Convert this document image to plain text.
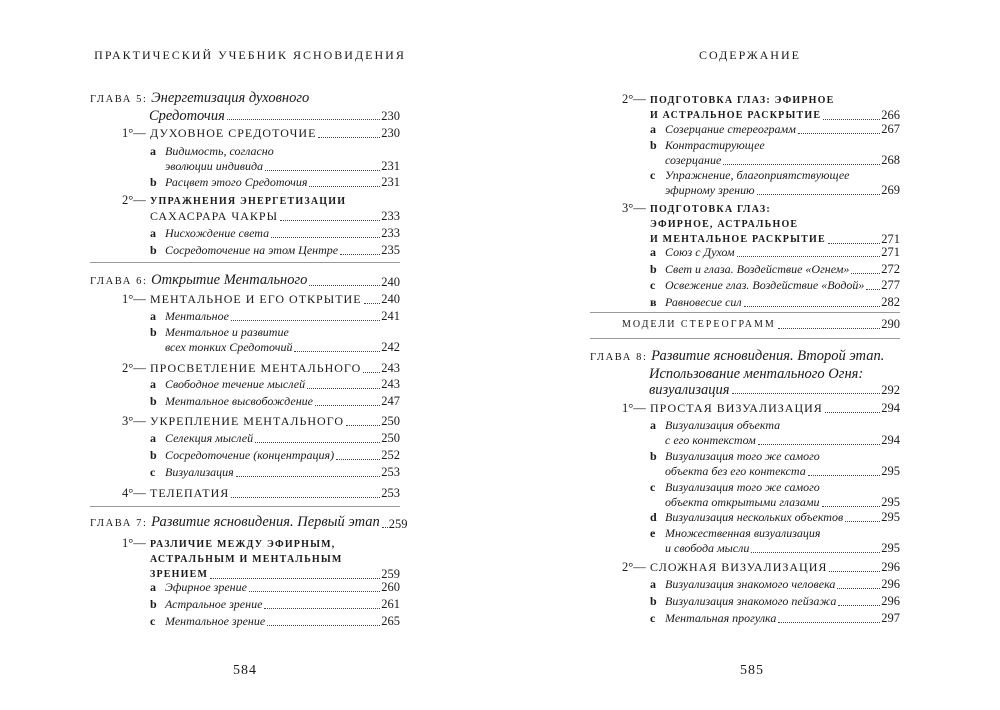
ПРАКТИЧЕСКИЙ УЧЕБНИК ЯСНОВИДЕНИЯ
ГЛАВА 5: Энергетизация духовного
Средоточия	230
1°— ДУХОВНОЕ СРЕДОТОЧИЕ	230
a Видимость, согласно
эволюции индивида	231
b Расцвет этого Средоточия	231
2°— УПРАЖНЕНИЯ ЭНЕРГЕТИЗАЦИИ
САХАСРАРА ЧАКРЫ	233
a Нисхождение света	233
b Сосредоточение на этом Центре	235
ГЛАВА 6: Открытие Ментального	240
1°— МЕНТАЛЬНОЕ И ЕГО ОТКРЫТИЕ 240
a Ментальное	241
b Ментальное и развитие
всех тонких Средоточий	242
2°— ПРОСВЕТЛЕНИЕ МЕНТАЛЬНОГО 243
a Свободное течение мыслей	243
b Ментальное высвобождение	247
3°— УКРЕПЛЕНИЕ МЕНТАЛЬНОГО	250
a Селекция мыслей	250
b Сосредоточение (концентрация)	252
c Визуализация	253
4°— ТЕЛЕПАТИЯ	253
ГЛАВА 7: Развитие ясновидения. Первый этап 259
1°— РАЗЛИЧИЕ МЕЖДУ ЭФИРНЫМ,
АСТРАЛЬНЫМ И МЕНТАЛЬНЫМ
ЗРЕНИЕМ	259
a Эфирное зрение	260
b Астральное зрение	261
c Ментальное зрение	265
584
СОДЕРЖАНИЕ
2°— ПОДГОТОВКА ГЛАЗ: ЭФИРНОЕ
И АСТРАЛЬНОЕ РАСКРЫТИЕ	266
a Созерцание стереограмм	267
b Контрастирующее
созерцание	268
c Упражнение, благоприятствующее
эфирному зрению	269
3°— ПОДГОТОВКА ГЛАЗ:
ЭФИРНОЕ, АСТРАЛЬНОЕ
И МЕНТАЛЬНОЕ РАСКРЫТИЕ	271
a Союз с Духом	271
b Свет и глаза. Воздействие «Огнем»	272
c Освежение глаз. Воздействие «Водой» 277
в Равновесие сил	282
МОДЕЛИ СТЕРЕОГРАММ	290
ГЛАВА 8: Развитие ясновидения. Второй этап.
Использование ментального Огня:
визуализация	292
1°— ПРОСТАЯ ВИЗУАЛИЗАЦИЯ	294
a Визуализация объекта
с его контекстом	294
b Визуализация того же самого
объекта без его контекста	295
c Визуализация того же самого
объекта открытыми глазами	295
d Визуализация нескольких объектов	295
e Множественная визуализация
и свобода мысли	295
2°— СЛОЖНАЯ ВИЗУАЛИЗАЦИЯ	296
a Визуализация знакомого человека	296
b Визуализация знакомого пейзажа	296
c Ментальная прогулка	297
585
